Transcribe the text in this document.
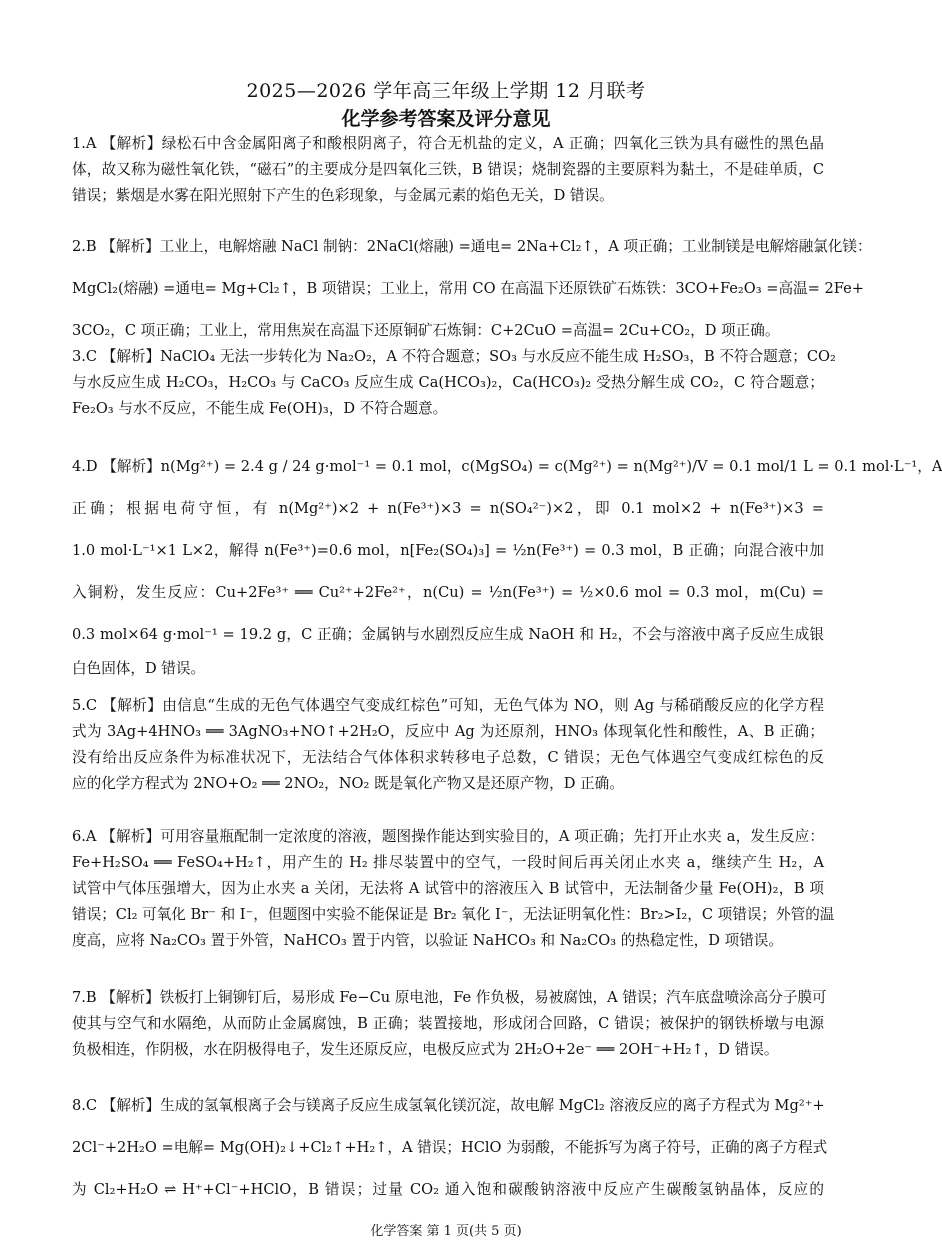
2025—2026 学年高三年级上学期 12 月联考
化学参考答案及评分意见
1.A 【解析】绿松石中含金属阳离子和酸根阴离子，符合无机盐的定义，A 正确；四氧化三铁为具有磁性的黑色晶
体，故又称为磁性氧化铁，“磁石”的主要成分是四氧化三铁，B 错误；烧制瓷器的主要原料为黏土，不是硅单质，C
错误；紫烟是水雾在阳光照射下产生的色彩现象，与金属元素的焰色无关，D 错误。
2.B 【解析】工业上，电解熔融 NaCl 制钠：2NaCl(熔融) =通电= 2Na+Cl₂↑，A 项正确；工业制镁是电解熔融氯化镁：
MgCl₂(熔融) =通电= Mg+Cl₂↑，B 项错误；工业上，常用 CO 在高温下还原铁矿石炼铁：3CO+Fe₂O₃ =高温= 2Fe+
3CO₂，C 项正确；工业上，常用焦炭在高温下还原铜矿石炼铜：C+2CuO =高温= 2Cu+CO₂，D 项正确。
3.C 【解析】NaClO₄ 无法一步转化为 Na₂O₂，A 不符合题意；SO₃ 与水反应不能生成 H₂SO₃，B 不符合题意；CO₂
与水反应生成 H₂CO₃，H₂CO₃ 与 CaCO₃ 反应生成 Ca(HCO₃)₂，Ca(HCO₃)₂ 受热分解生成 CO₂，C 符合题意；
Fe₂O₃ 与水不反应，不能生成 Fe(OH)₃，D 不符合题意。
4.D 【解析】n(Mg²⁺) = 2.4 g / 24 g·mol⁻¹ = 0.1 mol，c(MgSO₄) = c(Mg²⁺) = n(Mg²⁺)/V = 0.1 mol/1 L = 0.1 mol·L⁻¹，A
正确；根据电荷守恒，有 n(Mg²⁺)×2 + n(Fe³⁺)×3 = n(SO₄²⁻)×2，即 0.1 mol×2 + n(Fe³⁺)×3 =
1.0 mol·L⁻¹×1 L×2，解得 n(Fe³⁺)=0.6 mol，n[Fe₂(SO₄)₃] = ½n(Fe³⁺) = 0.3 mol，B 正确；向混合液中加
入铜粉，发生反应：Cu+2Fe³⁺ ══ Cu²⁺+2Fe²⁺，n(Cu) = ½n(Fe³⁺) = ½×0.6 mol = 0.3 mol，m(Cu) =
0.3 mol×64 g·mol⁻¹ = 19.2 g，C 正确；金属钠与水剧烈反应生成 NaOH 和 H₂，不会与溶液中离子反应生成银
白色固体，D 错误。
5.C 【解析】由信息“生成的无色气体遇空气变成红棕色”可知，无色气体为 NO，则 Ag 与稀硝酸反应的化学方程
式为 3Ag+4HNO₃ ══ 3AgNO₃+NO↑+2H₂O，反应中 Ag 为还原剂，HNO₃ 体现氧化性和酸性，A、B 正确；
没有给出反应条件为标准状况下，无法结合气体体积求转移电子总数，C 错误；无色气体遇空气变成红棕色的反
应的化学方程式为 2NO+O₂ ══ 2NO₂，NO₂ 既是氧化产物又是还原产物，D 正确。
6.A 【解析】可用容量瓶配制一定浓度的溶液，题图操作能达到实验目的，A 项正确；先打开止水夹 a，发生反应：
Fe+H₂SO₄ ══ FeSO₄+H₂↑，用产生的 H₂ 排尽装置中的空气，一段时间后再关闭止水夹 a，继续产生 H₂，A
试管中气体压强增大，因为止水夹 a 关闭，无法将 A 试管中的溶液压入 B 试管中，无法制备少量 Fe(OH)₂，B 项
错误；Cl₂ 可氧化 Br⁻ 和 I⁻，但题图中实验不能保证是 Br₂ 氧化 I⁻，无法证明氧化性：Br₂>I₂，C 项错误；外管的温
度高，应将 Na₂CO₃ 置于外管，NaHCO₃ 置于内管，以验证 NaHCO₃ 和 Na₂CO₃ 的热稳定性，D 项错误。
7.B 【解析】铁板打上铜铆钉后，易形成 Fe−Cu 原电池，Fe 作负极，易被腐蚀，A 错误；汽车底盘喷涂高分子膜可
使其与空气和水隔绝，从而防止金属腐蚀，B 正确；装置接地，形成闭合回路，C 错误；被保护的钢铁桥墩与电源
负极相连，作阴极，水在阴极得电子，发生还原反应，电极反应式为 2H₂O+2e⁻ ══ 2OH⁻+H₂↑，D 错误。
8.C 【解析】生成的氢氧根离子会与镁离子反应生成氢氧化镁沉淀，故电解 MgCl₂ 溶液反应的离子方程式为 Mg²⁺+
2Cl⁻+2H₂O =电解= Mg(OH)₂↓+Cl₂↑+H₂↑，A 错误；HClO 为弱酸，不能拆写为离子符号，正确的离子方程式
为 Cl₂+H₂O ⇌ H⁺+Cl⁻+HClO，B 错误；过量 CO₂ 通入饱和碳酸钠溶液中反应产生碳酸氢钠晶体，反应的
化学答案 第 1 页(共 5 页)
